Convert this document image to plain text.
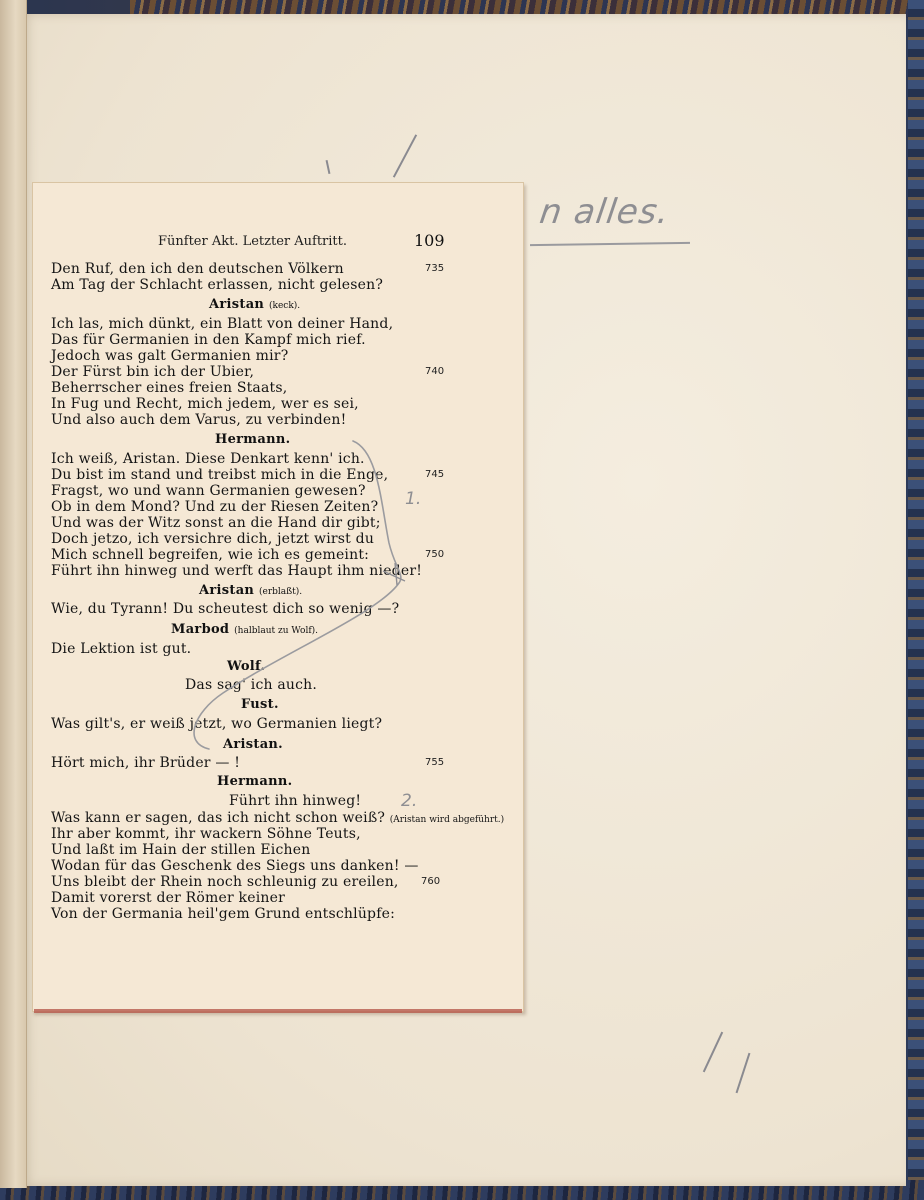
n alles.
Fünfter Akt. Letzter Auftritt.	109
Den Ruf, den ich den deutschen Völkern
Am Tag der Schlacht erlassen, nicht gelesen?
Aristan (keck).
Ich las, mich dünkt, ein Blatt von deiner Hand,
Das für Germanien in den Kampf mich rief.
Jedoch was galt Germanien mir?
Der Fürst bin ich der Ubier,
Beherrscher eines freien Staats,
In Fug und Recht, mich jedem, wer es sei,
Und also auch dem Varus, zu verbinden!
Hermann.
Ich weiß, Aristan. Diese Denkart kenn' ich.
Du bist im stand und treibst mich in die Enge,
Fragst, wo und wann Germanien gewesen?
Ob in dem Mond? Und zu der Riesen Zeiten?
Und was der Witz sonst an die Hand dir gibt;
Doch jetzo, ich versichre dich, jetzt wirst du
Mich schnell begreifen, wie ich es gemeint:
Führt ihn hinweg und werft das Haupt ihm nieder!
Aristan (erblaßt).
Wie, du Tyrann! Du scheutest dich so wenig —?
Marbod (halblaut zu Wolf).
Die Lektion ist gut.
Wolf.
Das sag' ich auch.
Fust.
Was gilt's, er weiß jetzt, wo Germanien liegt?
Aristan.
Hört mich, ihr Brüder — !
Hermann.
Führt ihn hinweg!
Was kann er sagen, das ich nicht schon weiß? (Aristan wird abgeführt.)
Ihr aber kommt, ihr wackern Söhne Teuts,
Und laßt im Hain der stillen Eichen
Wodan für das Geschenk des Siegs uns danken! —
Uns bleibt der Rhein noch schleunig zu ereilen,
Damit vorerst der Römer keiner
Von der Germania heil'gem Grund entschlüpfe:
735
740
745
750
755
760
1.
2.
